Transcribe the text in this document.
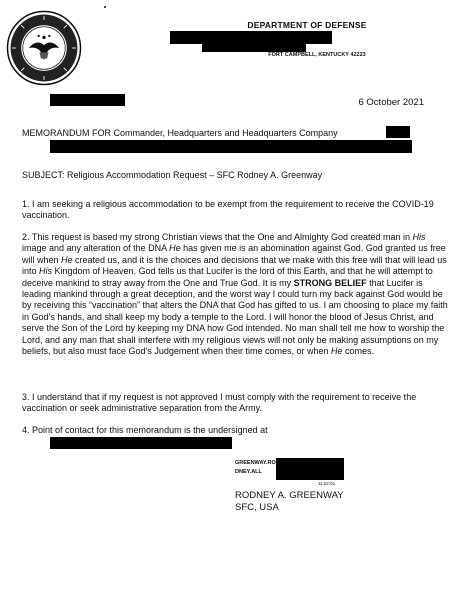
DEPARTMENT OF DEFENSE
FORT CAMPBELL, KENTUCKY 42223
6 October 2021
MEMORANDUM FOR Commander, Headquarters and Headquarters Company
SUBJECT: Religious Accommodation Request – SFC Rodney A. Greenway
1. I am seeking a religious accommodation to be exempt from the requirement to receive the COVID-19 vaccination.
2. This request is based my strong Christian views that the One and Almighty God created man in His image and any alteration of the DNA He has given me is an abomination against God. God granted us free will when He created us, and it is the choices and decisions that we make with this free will that will lead us into His Kingdom of Heaven. God tells us that Lucifer is the lord of this Earth, and that he will attempt to deceive mankind to stray away from the One and True God. It is my STRONG BELIEF that Lucifer is leading mankind through a great deception, and the worst way I could turn my back against God would be by receiving this “vaccination” that alters the DNA that God has gifted to us. I am choosing to place my faith in God’s hands, and shall keep my body a temple to the Lord. I will honor the blood of Jesus Christ, and serve the Son of the Lord by keeping my DNA how God intended. No man shall tell me how to worship the Lord, and any man that shall interfere with my religious views will not only be making assumptions on my beliefs, but also must face God’s Judgement when their time comes, or when He comes.
3. I understand that if my request is not approved I must comply with the requirement to receive the vaccination or seek administrative separation from the Army.
4. Point of contact for this memorandum is the undersigned at
GREENWAY.RO
DNEY.ALL
11:02:01
RODNEY A. GREENWAY
SFC, USA
